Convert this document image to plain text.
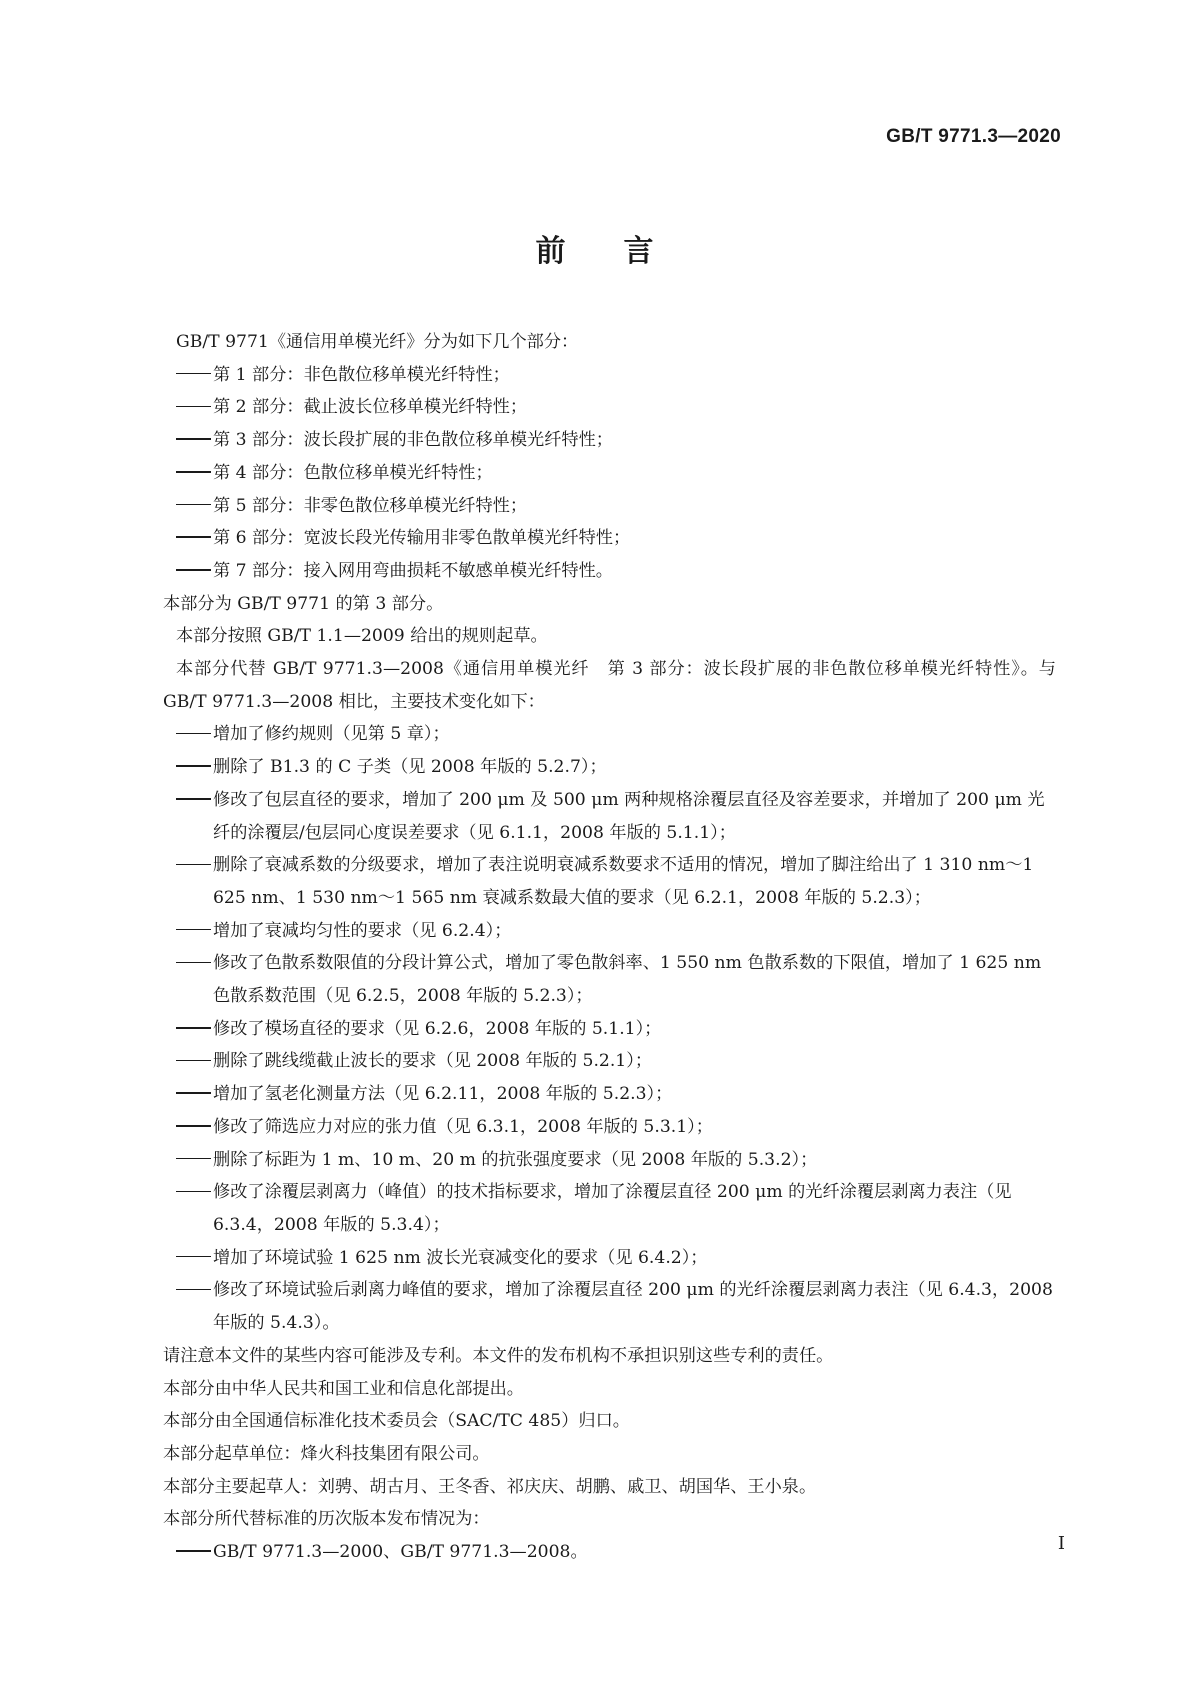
GB/T 9771.3—2020
前 言
GB/T 9771《通信用单模光纤》分为如下几个部分：
第 1 部分：非色散位移单模光纤特性；
第 2 部分：截止波长位移单模光纤特性；
第 3 部分：波长段扩展的非色散位移单模光纤特性；
第 4 部分：色散位移单模光纤特性；
第 5 部分：非零色散位移单模光纤特性；
第 6 部分：宽波长段光传输用非零色散单模光纤特性；
第 7 部分：接入网用弯曲损耗不敏感单模光纤特性。
本部分为 GB/T 9771 的第 3 部分。
本部分按照 GB/T 1.1—2009 给出的规则起草。
本部分代替 GB/T 9771.3—2008《通信用单模光纤　第 3 部分：波长段扩展的非色散位移单模光纤特性》。与 GB/T 9771.3—2008 相比，主要技术变化如下：
增加了修约规则（见第 5 章）；
删除了 B1.3 的 C 子类（见 2008 年版的 5.2.7）；
修改了包层直径的要求，增加了 200 μm 及 500 μm 两种规格涂覆层直径及容差要求，并增加了 200 μm 光纤的涂覆层/包层同心度误差要求（见 6.1.1，2008 年版的 5.1.1）；
删除了衰减系数的分级要求，增加了表注说明衰减系数要求不适用的情况，增加了脚注给出了 1 310 nm～1 625 nm、1 530 nm～1 565 nm 衰减系数最大值的要求（见 6.2.1，2008 年版的 5.2.3）；
增加了衰减均匀性的要求（见 6.2.4）；
修改了色散系数限值的分段计算公式，增加了零色散斜率、1 550 nm 色散系数的下限值，增加了 1 625 nm 色散系数范围（见 6.2.5，2008 年版的 5.2.3）；
修改了模场直径的要求（见 6.2.6，2008 年版的 5.1.1）；
删除了跳线缆截止波长的要求（见 2008 年版的 5.2.1）；
增加了氢老化测量方法（见 6.2.11，2008 年版的 5.2.3）；
修改了筛选应力对应的张力值（见 6.3.1，2008 年版的 5.3.1）；
删除了标距为 1 m、10 m、20 m 的抗张强度要求（见 2008 年版的 5.3.2）；
修改了涂覆层剥离力（峰值）的技术指标要求，增加了涂覆层直径 200 μm 的光纤涂覆层剥离力表注（见 6.3.4，2008 年版的 5.3.4）；
增加了环境试验 1 625 nm 波长光衰减变化的要求（见 6.4.2）；
修改了环境试验后剥离力峰值的要求，增加了涂覆层直径 200 μm 的光纤涂覆层剥离力表注（见 6.4.3，2008 年版的 5.4.3）。
请注意本文件的某些内容可能涉及专利。本文件的发布机构不承担识别这些专利的责任。
本部分由中华人民共和国工业和信息化部提出。
本部分由全国通信标准化技术委员会（SAC/TC 485）归口。
本部分起草单位：烽火科技集团有限公司。
本部分主要起草人：刘骋、胡古月、王冬香、祁庆庆、胡鹏、戚卫、胡国华、王小泉。
本部分所代替标准的历次版本发布情况为：
GB/T 9771.3—2000、GB/T 9771.3—2008。	I
